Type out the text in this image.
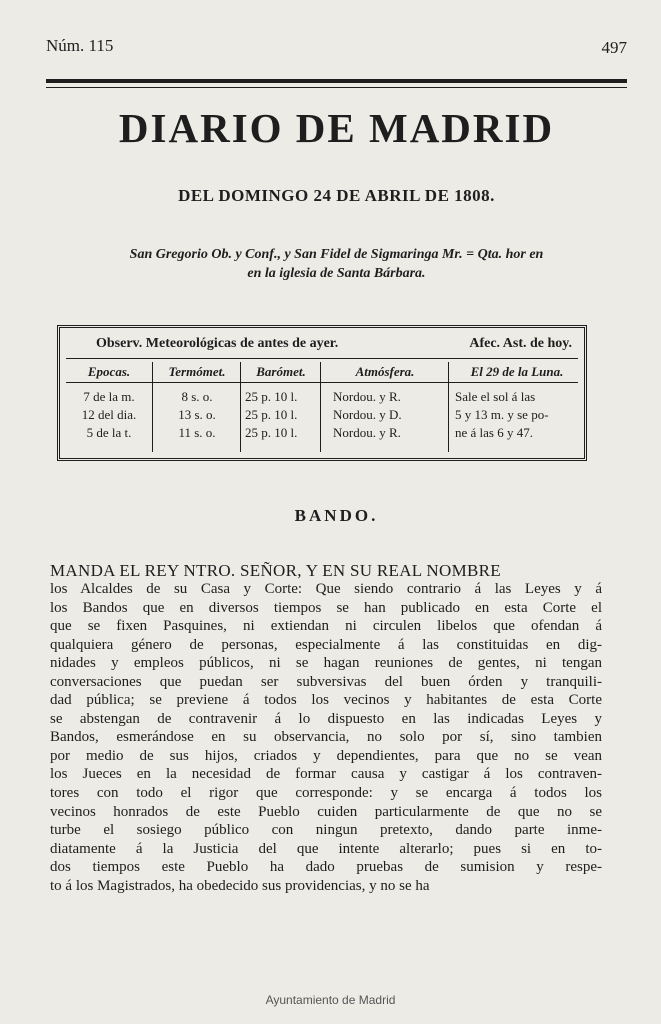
Núm. 115	497
DIARIO DE MADRID
DEL DOMINGO 24 DE ABRIL DE 1808.
San Gregorio Ob. y Conf., y San Fidel de Sigmaringa Mr. = Qta. hor en
en la iglesia de Santa Bárbara.
Observ. Meteorológicas de antes de ayer.	Afec. Ast. de hoy.
Epocas.
7 de la m.
12 del dia.
5 de la t.
Termómet.
8 s. o.
13 s. o.
11 s. o.
Barómet.
25 p. 10 l.
25 p. 10 l.
25 p. 10 l.
Atmósfera.
Nordou. y R.
Nordou. y D.
Nordou. y R.
El 29 de la Luna.
Sale el sol á las
5 y 13 m. y se po-
ne á las 6 y 47.
BANDO.
MANDA EL REY NTRO. SEÑOR, Y EN SU REAL NOMBRE
los Alcaldes de su Casa y Corte: Que siendo contrario á las Leyes y á
los Bandos que en diversos tiempos se han publicado en esta Corte el
que se fixen Pasquines, ni extiendan ni circulen libelos que ofendan á
qualquiera género de personas, especialmente á las constituidas en dig-
nidades y empleos públicos, ni se hagan reuniones de gentes, ni tengan
conversaciones que puedan ser subversivas del buen órden y tranquili-
dad pública; se previene á todos los vecinos y habitantes de esta Corte
se abstengan de contravenir á lo dispuesto en las indicadas Leyes y
Bandos, esmerándose en su observancia, no solo por sí, sino tambien
por medio de sus hijos, criados y dependientes, para que no se vean
los Jueces en la necesidad de formar causa y castigar á los contraven-
tores con todo el rigor que corresponde: y se encarga á todos los
vecinos honrados de este Pueblo cuiden particularmente de que no se
turbe el sosiego público con ningun pretexto, dando parte inme-
diatamente á la Justicia del que intente alterarlo; pues si en to-
dos tiempos este Pueblo ha dado pruebas de sumision y respe-
to á los Magistrados, ha obedecido sus providencias, y no se ha
Ayuntamiento de Madrid
